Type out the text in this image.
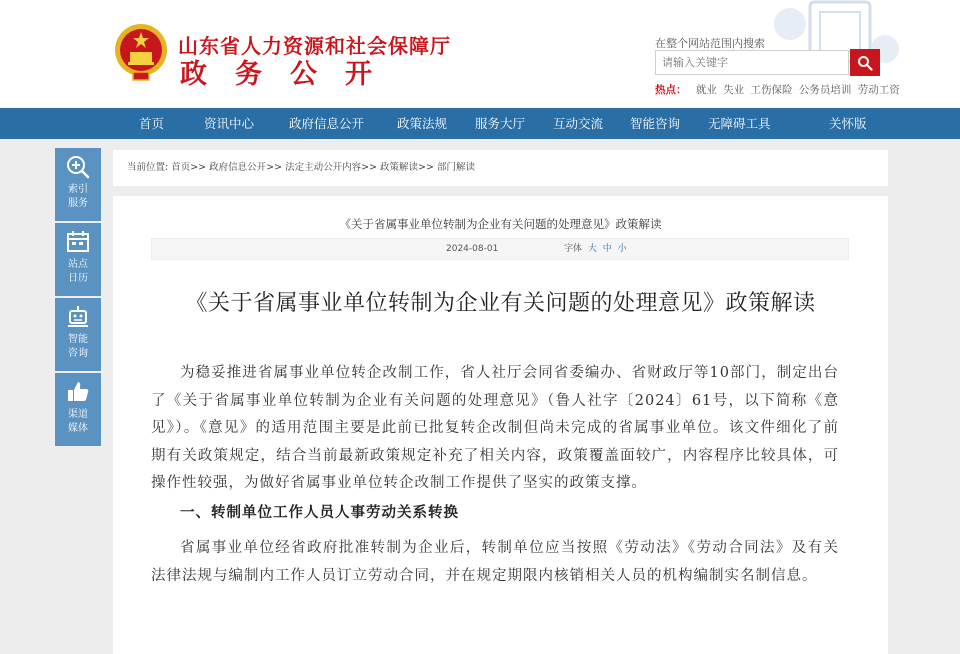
山东省人力资源和社会保障厅
政务公开
在整个网站范围内搜索
请输入关键字
热点： 就业 失业 工伤保险 公务员培训 劳动工资
首页	资讯中心	政府信息公开	政策法规 服务大厅 互动交流 智能咨询 无障碍工具	关怀版
索引
服务
站点
日历
智能
咨询
渠道
媒体
当前位置: 首页>> 政府信息公开>> 法定主动公开内容>> 政策解读>> 部门解读
《关于省属事业单位转制为企业有关问题的处理意见》政策解读
2024-08-01	字体 大 中 小
《关于省属事业单位转制为企业有关问题的处理意见》政策解读

为稳妥推进省属事业单位转企改制工作，省人社厅会同省委编办、省财政厅等10部门，制定出台了《关于省属事业单位转制为企业有关问题的处理意见》（鲁人社字〔2024〕61号，以下简称《意见》）。《意见》的适用范围主要是此前已批复转企改制但尚未完成的省属事业单位。该文件细化了前期有关政策规定，结合当前最新政策规定补充了相关内容，政策覆盖面较广，内容程序比较具体，可操作性较强，为做好省属事业单位转企改制工作提供了坚实的政策支撑。

一、转制单位工作人员人事劳动关系转换

省属事业单位经省政府批准转制为企业后，转制单位应当按照《劳动法》《劳动合同法》及有关法律法规与编制内工作人员订立劳动合同，并在规定期限内核销相关人员的机构编制实名制信息。
